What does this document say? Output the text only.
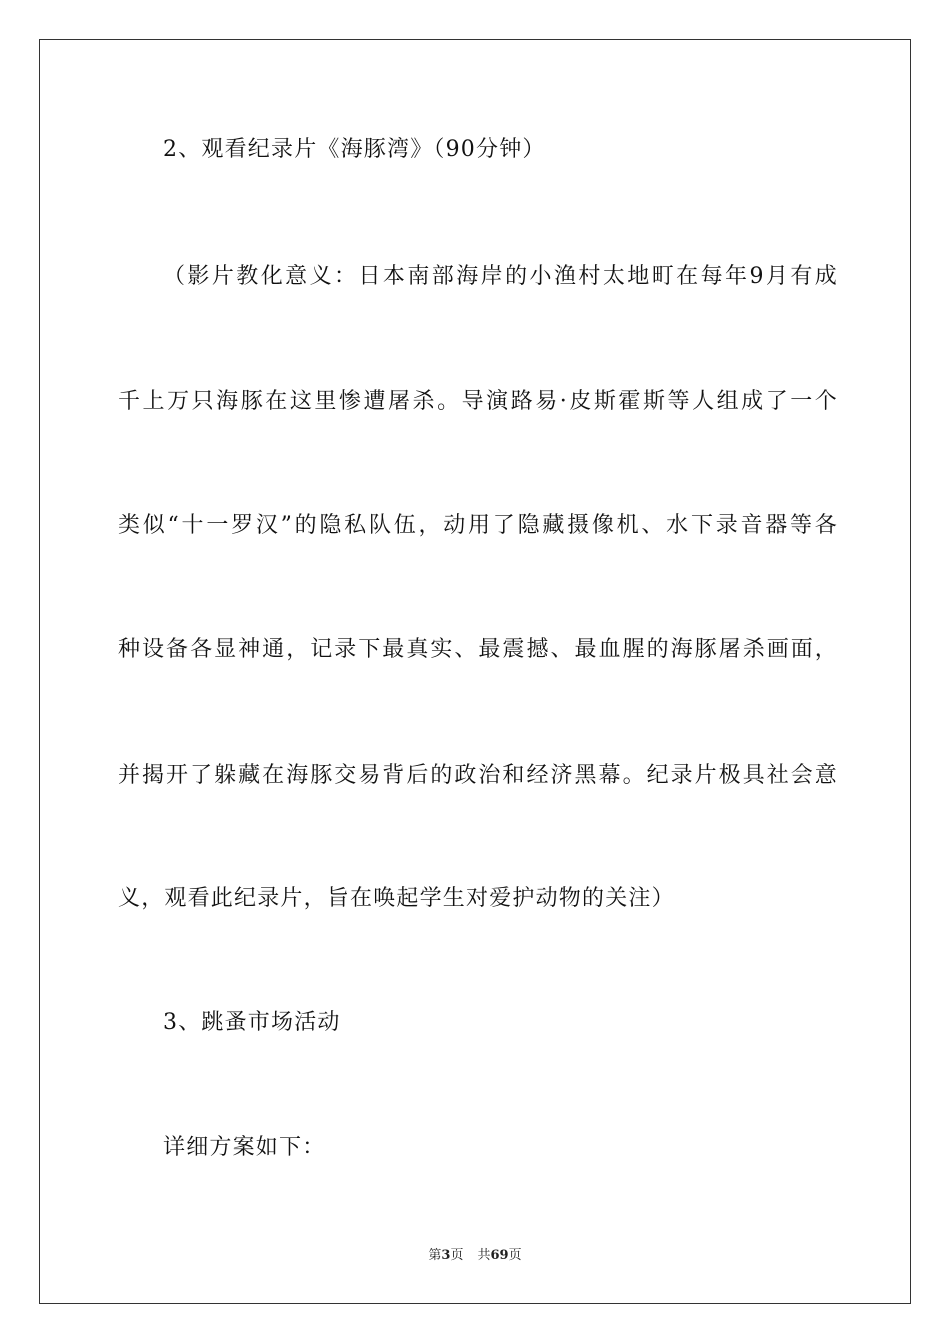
2、观看纪录片《海豚湾》（90分钟）
（影片教化意义：日本南部海岸的小渔村太地町在每年9月有成
千上万只海豚在这里惨遭屠杀。导演路易·皮斯霍斯等人组成了一个
类似“十一罗汉”的隐私队伍，动用了隐藏摄像机、水下录音器等各
种设备各显神通，记录下最真实、最震撼、最血腥的海豚屠杀画面，
并揭开了躲藏在海豚交易背后的政治和经济黑幕。纪录片极具社会意
义，观看此纪录片，旨在唤起学生对爱护动物的关注）
3、跳蚤市场活动
详细方案如下：
第3页 共69页
